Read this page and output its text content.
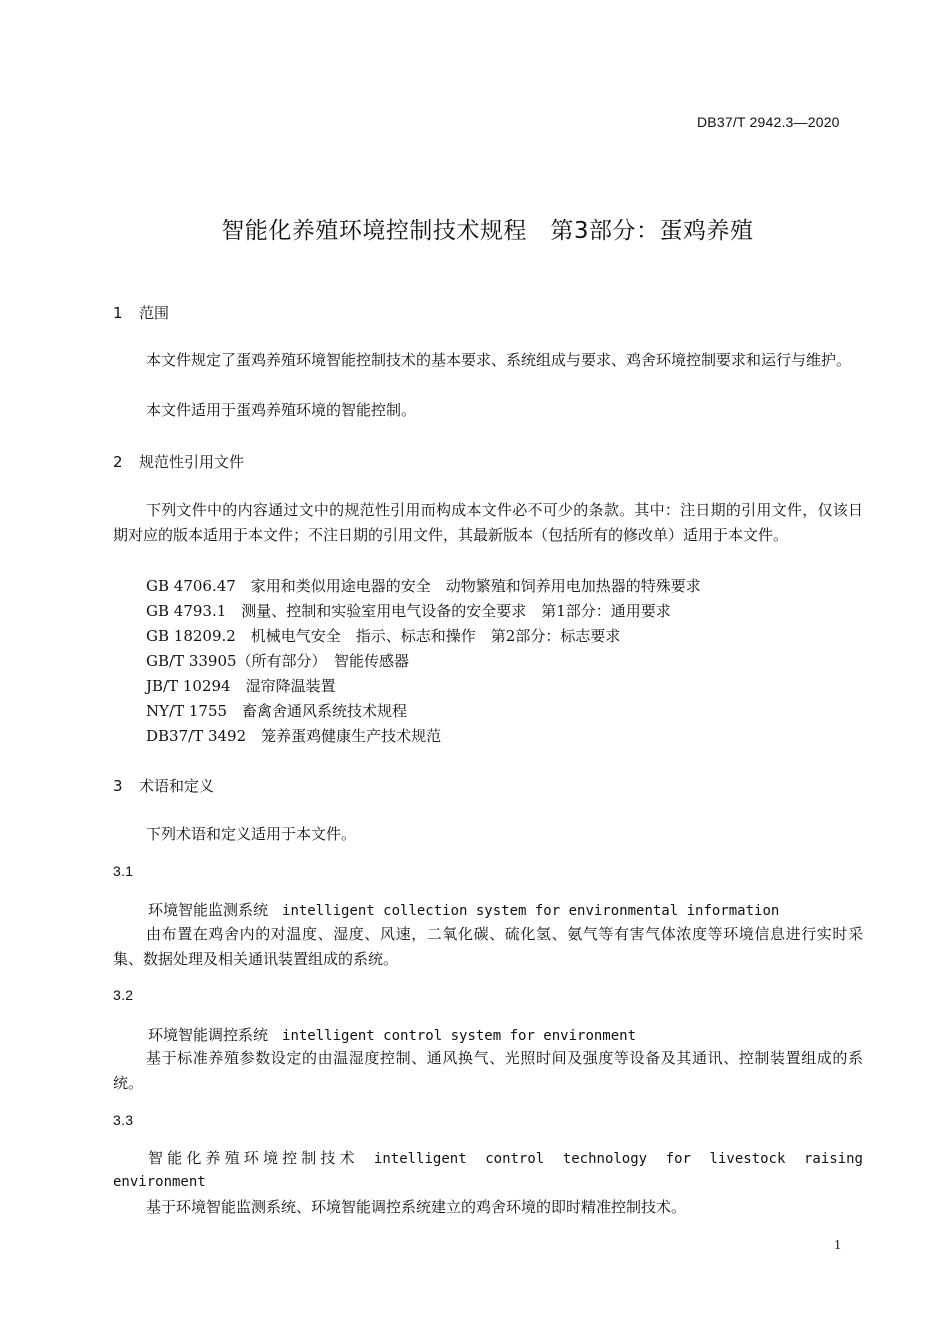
DB37/T 2942.3—2020
智能化养殖环境控制技术规程　第3部分：蛋鸡养殖
1 范围
本文件规定了蛋鸡养殖环境智能控制技术的基本要求、系统组成与要求、鸡舍环境控制要求和运行与维护。
本文件适用于蛋鸡养殖环境的智能控制。
2 规范性引用文件
下列文件中的内容通过文中的规范性引用而构成本文件必不可少的条款。其中：注日期的引用文件，仅该日期对应的版本适用于本文件；不注日期的引用文件，其最新版本（包括所有的修改单）适用于本文件。
GB 4706.47　家用和类似用途电器的安全　动物繁殖和饲养用电加热器的特殊要求
GB 4793.1　测量、控制和实验室用电气设备的安全要求　第1部分：通用要求
GB 18209.2　机械电气安全　指示、标志和操作　第2部分：标志要求
GB/T 33905（所有部分）　智能传感器
JB/T 10294　湿帘降温装置
NY/T 1755　畜禽舍通风系统技术规程
DB37/T 3492　笼养蛋鸡健康生产技术规范
3 术语和定义
下列术语和定义适用于本文件。
3.1
环境智能监测系统 intelligent collection system for environmental information
由布置在鸡舍内的对温度、湿度、风速，二氧化碳、硫化氢、氨气等有害气体浓度等环境信息进行实时采集、数据处理及相关通讯装置组成的系统。
3.2
环境智能调控系统 intelligent control system for environment
基于标准养殖参数设定的由温湿度控制、通风换气、光照时间及强度等设备及其通讯、控制装置组成的系统。
3.3
智能化养殖环境控制技术　 intelligent control technology for livestock raising
environment
基于环境智能监测系统、环境智能调控系统建立的鸡舍环境的即时精准控制技术。
1
